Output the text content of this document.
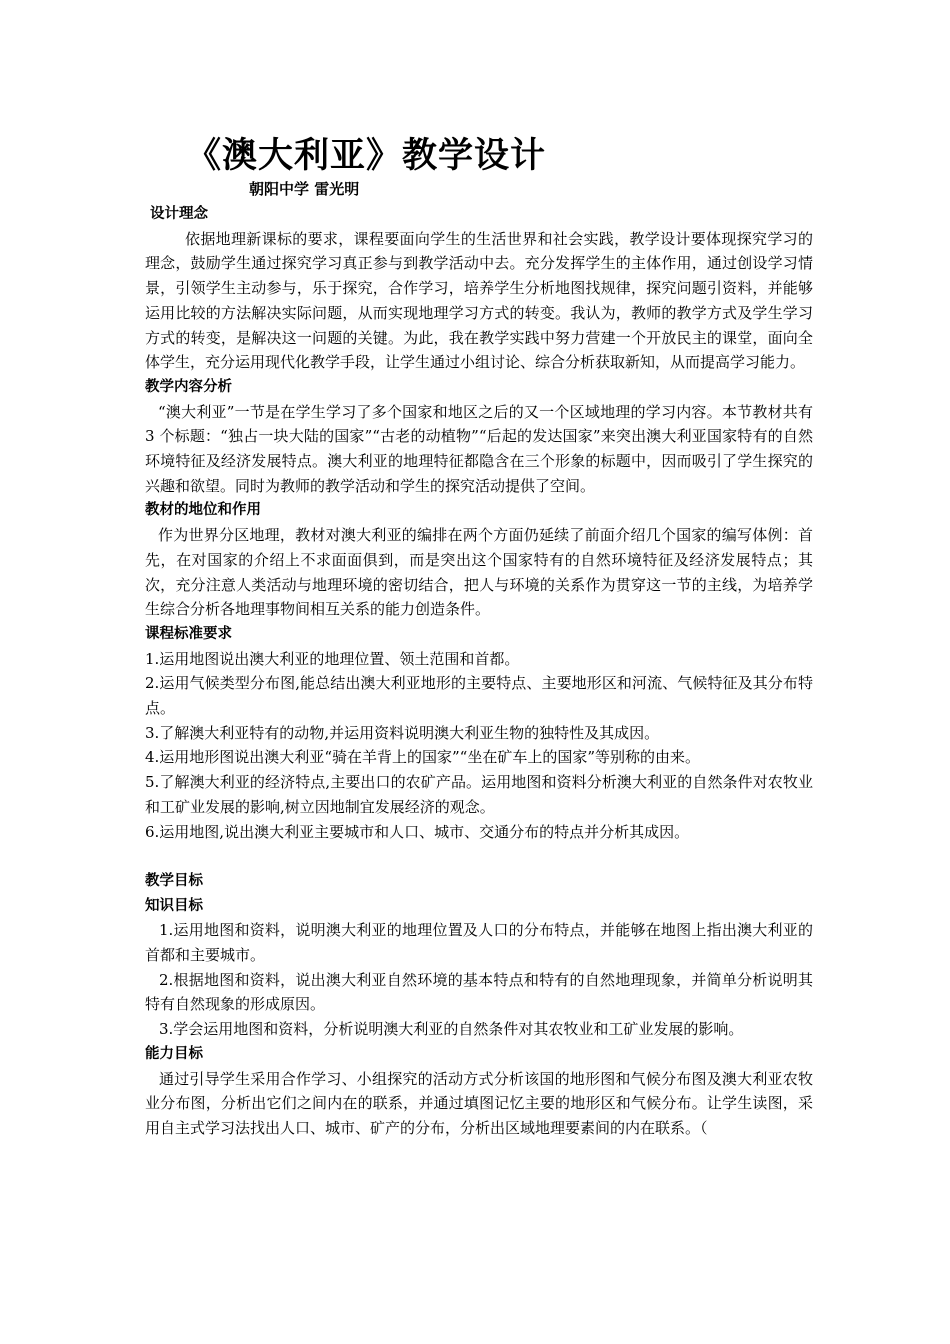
《澳大利亚》教学设计
朝阳中学 雷光明
设计理念

依据地理新课标的要求，课程要面向学生的生活世界和社会实践，教学设计要体现探究学习的理念，鼓励学生通过探究学习真正参与到教学活动中去。充分发挥学生的主体作用，通过创设学习情景，引领学生主动参与，乐于探究，合作学习，培养学生分析地图找规律，探究问题引资料，并能够运用比较的方法解决实际问题，从而实现地理学习方式的转变。我认为，教师的教学方式及学生学习方式的转变，是解决这一问题的关键。为此，我在教学实践中努力营建一个开放民主的课堂，面向全体学生，充分运用现代化教学手段，让学生通过小组讨论、综合分析获取新知，从而提高学习能力。

教学内容分析

“澳大利亚”一节是在学生学习了多个国家和地区之后的又一个区域地理的学习内容。本节教材共有 3 个标题：“独占一块大陆的国家”“古老的动植物”“后起的发达国家”来突出澳大利亚国家特有的自然环境特征及经济发展特点。澳大利亚的地理特征都隐含在三个形象的标题中，因而吸引了学生探究的兴趣和欲望。同时为教师的教学活动和学生的探究活动提供了空间。

教材的地位和作用

作为世界分区地理，教材对澳大利亚的编排在两个方面仍延续了前面介绍几个国家的编写体例：首先，在对国家的介绍上不求面面俱到，而是突出这个国家特有的自然环境特征及经济发展特点；其次，充分注意人类活动与地理环境的密切结合，把人与环境的关系作为贯穿这一节的主线，为培养学生综合分析各地理事物间相互关系的能力创造条件。

课程标准要求

1.运用地图说出澳大利亚的地理位置、领土范围和首都。

2.运用气候类型分布图,能总结出澳大利亚地形的主要特点、主要地形区和河流、气候特征及其分布特点。

3.了解澳大利亚特有的动物,并运用资料说明澳大利亚生物的独特性及其成因。

4.运用地形图说出澳大利亚“骑在羊背上的国家”“坐在矿车上的国家”等别称的由来。

5.了解澳大利亚的经济特点,主要出口的农矿产品。运用地图和资料分析澳大利亚的自然条件对农牧业和工矿业发展的影响,树立因地制宜发展经济的观念。

6.运用地图,说出澳大利亚主要城市和人口、城市、交通分布的特点并分析其成因。

教学目标
知识目标

1.运用地图和资料，说明澳大利亚的地理位置及人口的分布特点，并能够在地图上指出澳大利亚的首都和主要城市。

2.根据地图和资料，说出澳大利亚自然环境的基本特点和特有的自然地理现象，并简单分析说明其特有自然现象的形成原因。

3.学会运用地图和资料，分析说明澳大利亚的自然条件对其农牧业和工矿业发展的影响。

能力目标

通过引导学生采用合作学习、小组探究的活动方式分析该国的地形图和气候分布图及澳大利亚农牧业分布图，分析出它们之间内在的联系，并通过填图记忆主要的地形区和气候分布。让学生读图，采用自主式学习法找出人口、城市、矿产的分布，分析出区域地理要素间的内在联系。（
